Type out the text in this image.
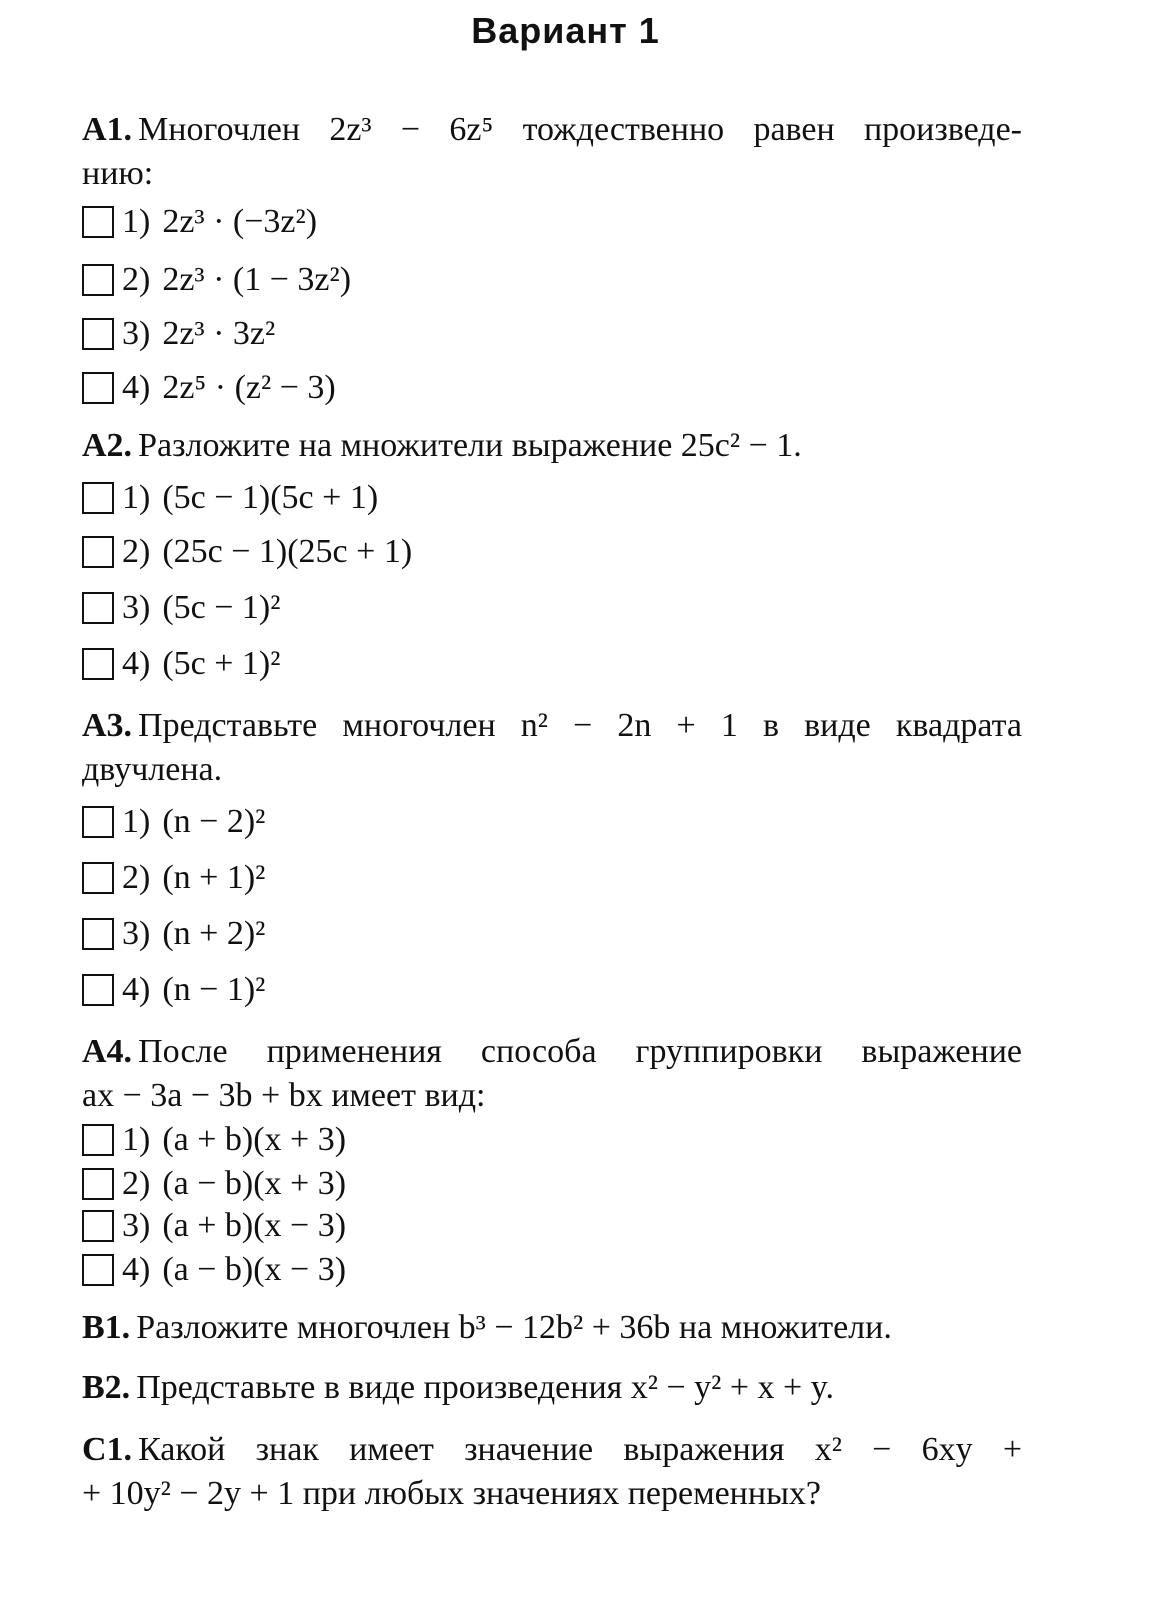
Вариант 1
A1. Многочлен 2z³ − 6z⁵ тождественно равен произведе-
нию:
1) 2z³ · (−3z²)
2) 2z³ · (1 − 3z²)
3) 2z³ · 3z²
4) 2z⁵ · (z² − 3)
A2. Разложите на множители выражение 25c² − 1.
1) (5c − 1)(5c + 1)
2) (25c − 1)(25c + 1)
3) (5c − 1)²
4) (5c + 1)²
A3. Представьте многочлен n² − 2n + 1 в виде квадрата
двучлена.
1) (n − 2)²
2) (n + 1)²
3) (n + 2)²
4) (n − 1)²
A4. После применения способа группировки выражение
ax − 3a − 3b + bx имеет вид:
1) (a + b)(x + 3)
2) (a − b)(x + 3)
3) (a + b)(x − 3)
4) (a − b)(x − 3)
B1. Разложите многочлен b³ − 12b² + 36b на множители.
B2. Представьте в виде произведения x² − y² + x + y.
C1. Какой знак имеет значение выражения x² − 6xy +
+ 10y² − 2y + 1 при любых значениях переменных?
